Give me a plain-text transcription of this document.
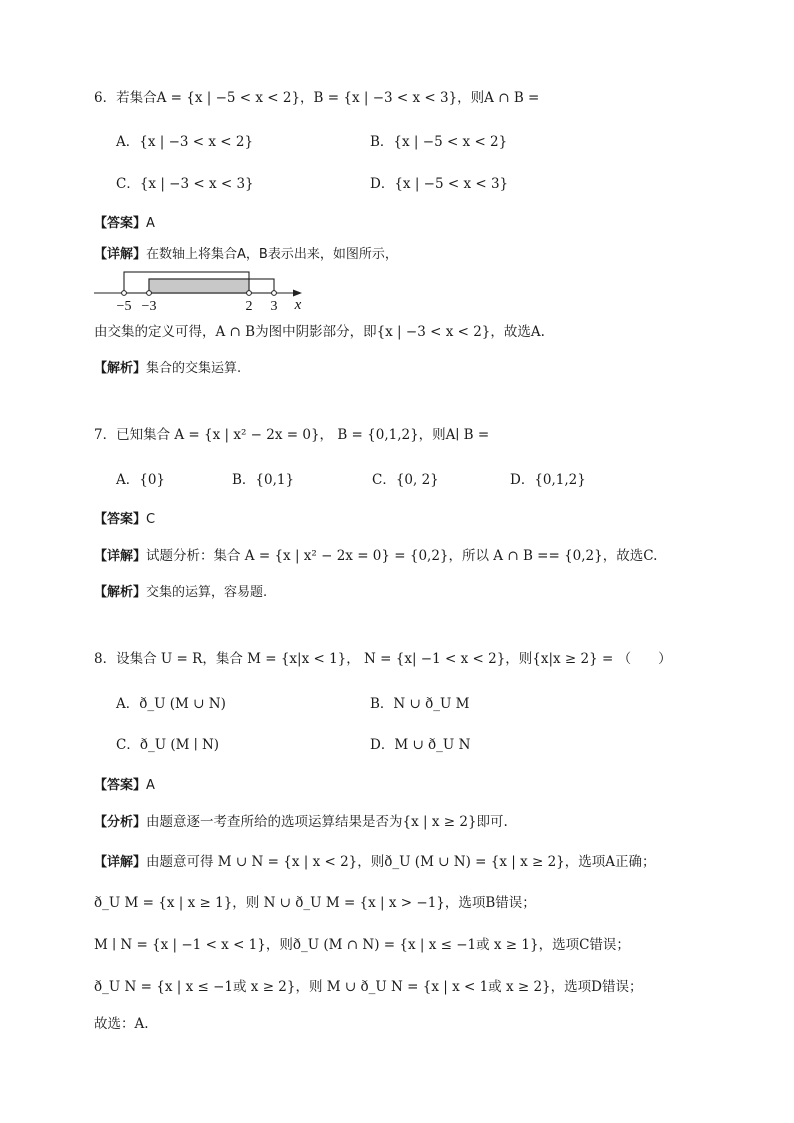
6．若集合A = {x | −5 < x < 2}，B = {x | −3 < x < 3}，则A ∩ B =
A．{x | −3 < x < 2}	B．{x | −5 < x < 2}
C．{x | −3 < x < 3}	D．{x | −5 < x < 3}
【答案】A
【详解】在数轴上将集合A，B表示出来，如图所示，
−5 −3	2 3 x
由交集的定义可得，A ∩ B为图中阴影部分，即{x | −3 < x < 2}，故选A.
【解析】集合的交集运算.
7．已知集合 A = {x | x² − 2x = 0}， B = {0,1,2}，则A∣ B =
A．{0}	B．{0,1}	C．{0, 2}	D．{0,1,2}
【答案】C
【详解】试题分析：集合 A = {x | x² − 2x = 0} = {0,2}，所以 A ∩ B == {0,2}，故选C.
【解析】交集的运算，容易题.
8．设集合 U = R，集合 M = {x|x < 1}， N = {x| −1 < x < 2}，则{x|x ≥ 2} = （　　）
A．ð_U (M ∪ N)	B．N ∪ ð_U M
C．ð_U (M ∣ N)	D．M ∪ ð_U N
【答案】A
【分析】由题意逐一考查所给的选项运算结果是否为{x | x ≥ 2}即可.
【详解】由题意可得 M ∪ N = {x | x < 2}，则ð_U (M ∪ N) = {x | x ≥ 2}，选项A正确；
ð_U M = {x | x ≥ 1}，则 N ∪ ð_U M = {x | x > −1}，选项B错误；
M ∣ N = {x | −1 < x < 1}，则ð_U (M ∩ N) = {x | x ≤ −1或 x ≥ 1}，选项C错误；
ð_U N = {x | x ≤ −1或 x ≥ 2}，则 M ∪ ð_U N = {x | x < 1或 x ≥ 2}，选项D错误；
故选：A.
